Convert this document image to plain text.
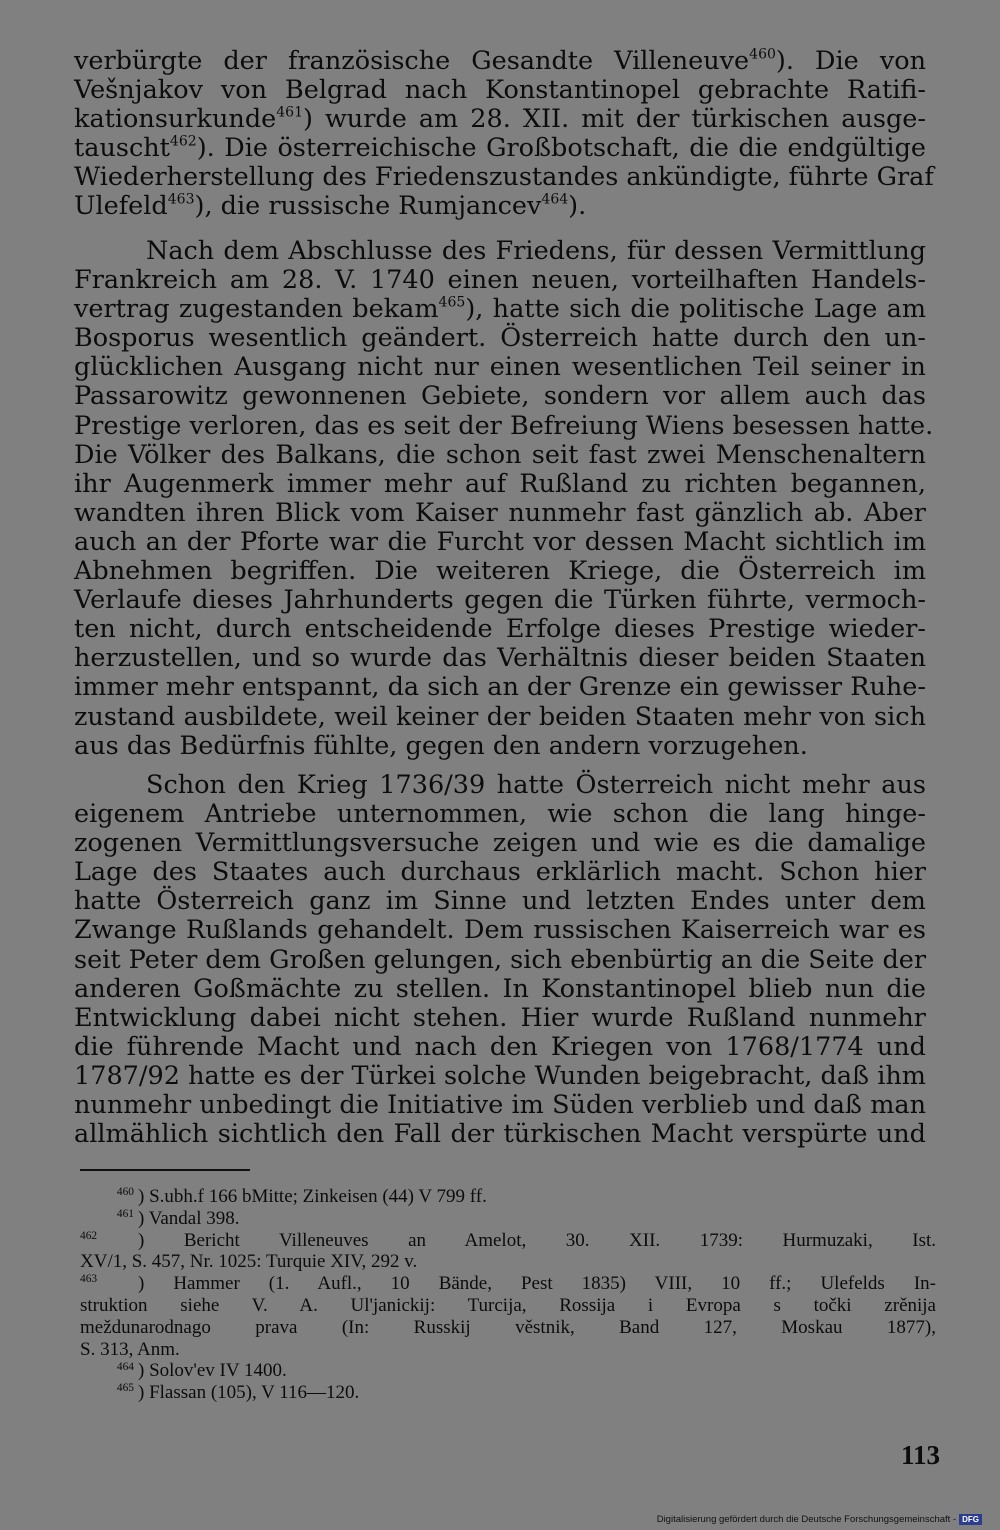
verbürgte der französische Gesandte Villeneuve$^{460}$). Die von
Vešnjakov von Belgrad nach Konstantinopel gebrachte Ratifi-
kationsurkunde$^{461}$) wurde am 28. XII. mit der türkischen ausge-
tauscht$^{462}$). Die österreichische Großbotschaft, die die endgültige
Wiederherstellung des Friedenszustandes ankündigte, führte Graf
Ulefeld$^{463}$), die russische Rumjancev$^{464}$).
Nach dem Abschlusse des Friedens, für dessen Vermittlung
Frankreich am 28. V. 1740 einen neuen, vorteilhaften Handels-
vertrag zugestanden bekam$^{465}$), hatte sich die politische Lage am
Bosporus wesentlich geändert. Österreich hatte durch den un-
glücklichen Ausgang nicht nur einen wesentlichen Teil seiner in
Passarowitz gewonnenen Gebiete, sondern vor allem auch das
Prestige verloren, das es seit der Befreiung Wiens besessen hatte.
Die Völker des Balkans, die schon seit fast zwei Menschenaltern
ihr Augenmerk immer mehr auf Rußland zu richten begannen,
wandten ihren Blick vom Kaiser nunmehr fast gänzlich ab. Aber
auch an der Pforte war die Furcht vor dessen Macht sichtlich im
Abnehmen begriffen. Die weiteren Kriege, die Österreich im
Verlaufe dieses Jahrhunderts gegen die Türken führte, vermoch-
ten nicht, durch entscheidende Erfolge dieses Prestige wieder-
herzustellen, und so wurde das Verhältnis dieser beiden Staaten
immer mehr entspannt, da sich an der Grenze ein gewisser Ruhe-
zustand ausbildete, weil keiner der beiden Staaten mehr von sich
aus das Bedürfnis fühlte, gegen den andern vorzugehen.
Schon den Krieg 1736/39 hatte Österreich nicht mehr aus
eigenem Antriebe unternommen, wie schon die lang hinge-
zogenen Vermittlungsversuche zeigen und wie es die damalige
Lage des Staates auch durchaus erklärlich macht. Schon hier
hatte Österreich ganz im Sinne und letzten Endes unter dem
Zwange Rußlands gehandelt. Dem russischen Kaiserreich war es
seit Peter dem Großen gelungen, sich ebenbürtig an die Seite der
anderen Goßmächte zu stellen. In Konstantinopel blieb nun die
Entwicklung dabei nicht stehen. Hier wurde Rußland nunmehr
die führende Macht und nach den Kriegen von 1768/1774 und
1787/92 hatte es der Türkei solche Wunden beigebracht, daß ihm
nunmehr unbedingt die Initiative im Süden verblieb und daß man
allmählich sichtlich den Fall der türkischen Macht verspürte und
460 ) S.ubh.f 166 bMitte; Zinkeisen (44) V 799 ff.
461 ) Vandal 398.
462 ) Bericht Villeneuves an Amelot, 30. XII. 1739: Hurmuzaki, Ist.
XV/1, S. 457, Nr. 1025: Turquie XIV, 292 v.
463 ) Hammer (1. Aufl., 10 Bände, Pest 1835) VIII, 10 ff.; Ulefelds In-
struktion siehe V. A. Ul'janickij: Turcija, Rossija i Evropa s točki zrěnija
meždunarodnago prava (In: Russkij věstnik, Band 127, Moskau 1877),
S. 313, Anm.
464 ) Solov'ev IV 1400.
465 ) Flassan (105), V 116—120.
113
Digitalisierung gefördert durch die Deutsche Forschungsgemeinschaft - DFG
